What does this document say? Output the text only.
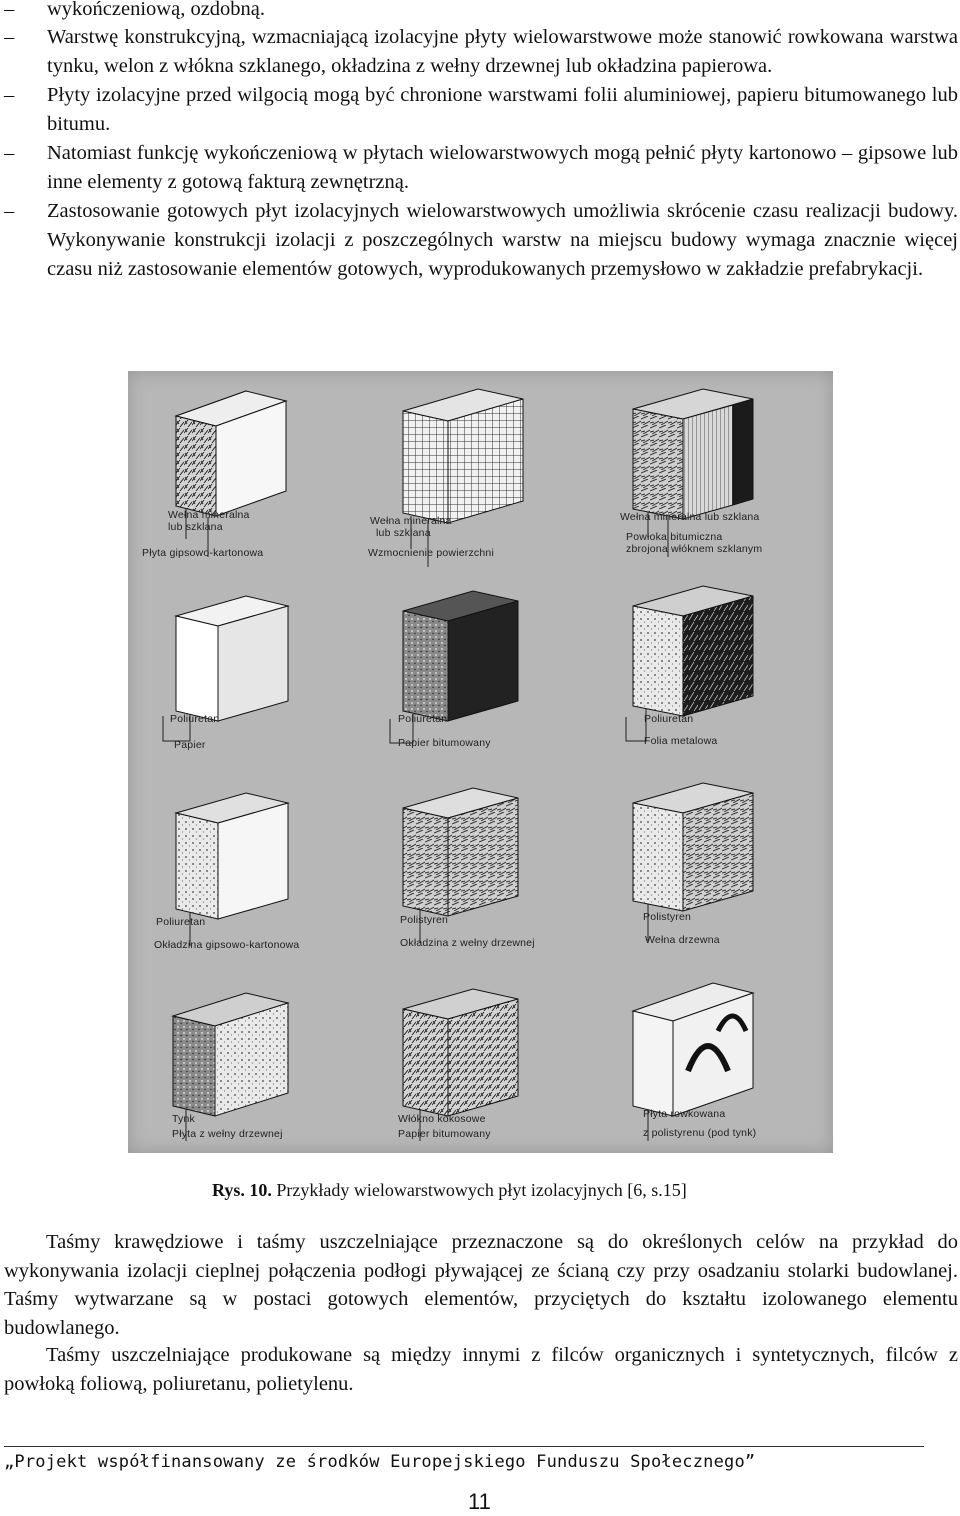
– wykończeniową, ozdobną.
– Warstwę konstrukcyjną, wzmacniającą izolacyjne płyty wielowarstwowe może stanowić rowkowana warstwa tynku, welon z włókna szklanego, okładzina z wełny drzewnej lub okładzina papierowa.
– Płyty izolacyjne przed wilgocią mogą być chronione warstwami folii aluminiowej, papieru bitumowanego lub bitumu.
– Natomiast funkcję wykończeniową w płytach wielowarstwowych mogą pełnić płyty kartonowo – gipsowe lub inne elementy z gotową fakturą zewnętrzną.
– Zastosowanie gotowych płyt izolacyjnych wielowarstwowych umożliwia skrócenie czasu realizacji budowy. Wykonywanie konstrukcji izolacji z poszczególnych warstw na miejscu budowy wymaga znacznie więcej czasu niż zastosowanie elementów gotowych, wyprodukowanych przemysłowo w zakładzie prefabrykacji.
Wełna mineralna
lub szklana
Płyta gipsowo-kartonowa
Wełna mineralna
lub szklana
Wzmocnienie powierzchni
Wełna mineralna lub szklana
Powłoka bitumiczna
zbrojona włóknem szklanym
Poliuretan
Papier
Poliuretan
Papier bitumowany
Poliuretan
Folia metalowa
Poliuretan
Okładzina gipsowo-kartonowa
Polistyren
Okładzina z wełny drzewnej
Polistyren
Wełna drzewna
Tynk
Płyta z wełny drzewnej
Włókno kokosowe
Papier bitumowany
Płyta rowkowana
z polistyrenu (pod tynk)
Rys. 10. Przykłady wielowarstwowych płyt izolacyjnych [6, s.15]
Taśmy krawędziowe i taśmy uszczelniające przeznaczone są do określonych celów na przykład do wykonywania izolacji cieplnej połączenia podłogi pływającej ze ścianą czy przy osadzaniu stolarki budowlanej. Taśmy wytwarzane są w postaci gotowych elementów, przyciętych do kształtu izolowanego elementu budowlanego.
Taśmy uszczelniające produkowane są między innymi z filców organicznych i syntetycznych, filców z powłoką foliową, poliuretanu, polietylenu.
„Projekt współfinansowany ze środków Europejskiego Funduszu Społecznego”
11
